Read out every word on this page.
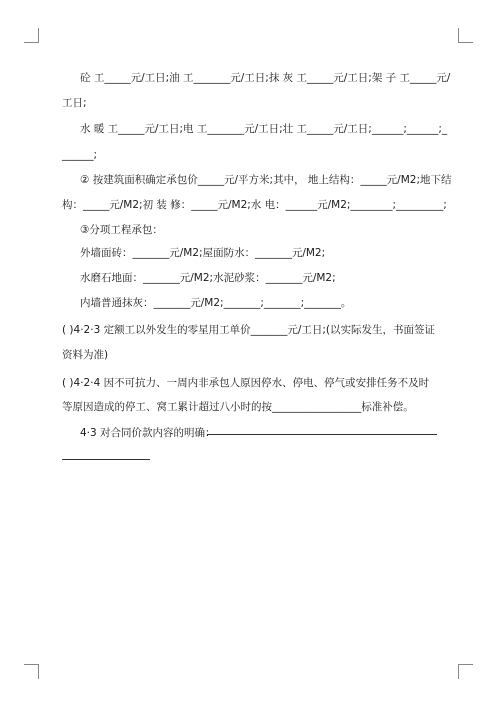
砼 工_____元/工日;油 工_______元/工日;抹 灰 工_____元/工日;架 子 工_____元/
工日;
水 暖 工_____元/工日;电 工_______元/工日;壮 工_____元/工日;______;______;_
______;
② 按建筑面积确定承包价_____元/平方米;其中， 地上结构：_____元/M2;地下结
构：_____元/M2;初 装 修：_____元/M2;水 电：______元/M2;________;_________;
③分项工程承包：
外墙面砖：_______元/M2;屋面防水：_______元/M2;
水磨石地面：_______元/M2;水泥砂浆：_______元/M2;
内墙普通抹灰：_______元/M2;_______;_______;_______。
( )4·2·3 定额工以外发生的零星用工单价_______元/工日;(以实际发生，书面签证
资料为准)
( )4·2·4 因不可抗力、一周内非承包人原因停水、停电、停气或安排任务不及时
等原因造成的停工、窝工累计超过八小时的按_________________标准补偿。
4·3 对合同价款内容的明确：
